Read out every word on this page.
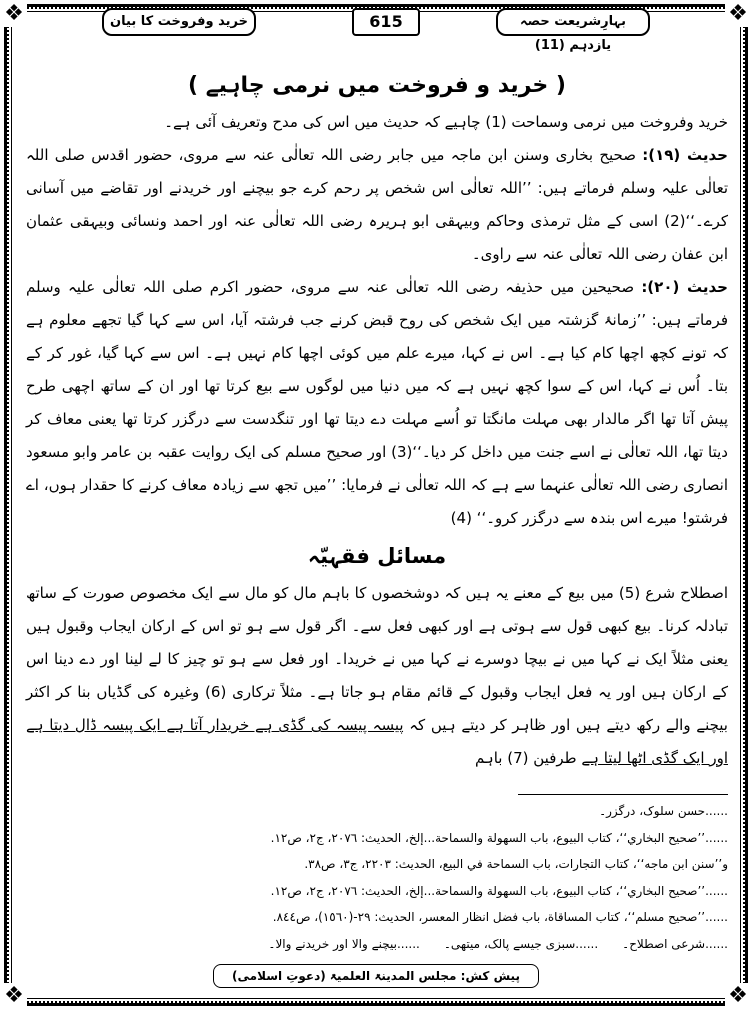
❖	❖
❖	❖
خرید وفروخت کا بیان	615	بہارِشریعت حصہ یازدہم (11)

( خرید و فروخت میں نرمی چاہیے )

خرید وفروخت میں نرمی وسماحت (1) چاہیے کہ حدیث میں اس کی مدح وتعریف آئی ہے۔

حدیث (۱۹): صحیح بخاری وسنن ابن ماجہ میں جابر رضی اللہ تعالٰی عنہ سے مروی، حضور اقدس صلی اللہ تعالٰی علیہ وسلم فرماتے ہیں: ’’اللہ تعالٰی اس شخص پر رحم کرے جو بیچنے اور خریدنے اور تقاضے میں آسانی کرے۔‘‘(2) اسی کے مثل ترمذی وحاکم وبیہقی ابو ہریرہ رضی اللہ تعالٰی عنہ اور احمد ونسائی وبیہقی عثمان ابن عفان رضی اللہ تعالٰی عنہ سے راوی۔

حدیث (۲۰): صحیحین میں حذیفہ رضی اللہ تعالٰی عنہ سے مروی، حضور اکرم صلی اللہ تعالٰی علیہ وسلم فرماتے ہیں: ’’زمانۂ گزشتہ میں ایک شخص کی روح قبض کرنے جب فرشتہ آیا، اس سے کہا گیا تجھے معلوم ہے کہ تونے کچھ اچھا کام کیا ہے۔ اس نے کہا، میرے علم میں کوئی اچھا کام نہیں ہے۔ اس سے کہا گیا، غور کر کے بتا۔ اُس نے کہا، اس کے سوا کچھ نہیں ہے کہ میں دنیا میں لوگوں سے بیع کرتا تھا اور ان کے ساتھ اچھی طرح پیش آتا تھا اگر مالدار بھی مہلت مانگتا تو اُسے مہلت دے دیتا تھا اور تنگدست سے درگزر کرتا تھا یعنی معاف کر دیتا تھا، اللہ تعالٰی نے اسے جنت میں داخل کر دیا۔‘‘(3) اور صحیح مسلم کی ایک روایت عقبہ بن عامر وابو مسعود انصاری رضی اللہ تعالٰی عنہما سے ہے کہ اللہ تعالٰی نے فرمایا: ’’میں تجھ سے زیادہ معاف کرنے کا حقدار ہوں، اے فرشتو! میرے اس بندہ سے درگزر کرو۔‘‘ (4)

مسائل فقہیّہ

اصطلاح شرع (5) میں بیع کے معنے یہ ہیں کہ دوشخصوں کا باہم مال کو مال سے ایک مخصوص صورت کے ساتھ تبادلہ کرنا۔ بیع کبھی قول سے ہوتی ہے اور کبھی فعل سے۔ اگر قول سے ہو تو اس کے ارکان ایجاب وقبول ہیں یعنی مثلاً ایک نے کہا میں نے بیچا دوسرے نے کہا میں نے خریدا۔ اور فعل سے ہو تو چیز کا لے لینا اور دے دینا اس کے ارکان ہیں اور یہ فعل ایجاب وقبول کے قائم مقام ہو جاتا ہے۔ مثلاً ترکاری (6) وغیرہ کی گڈیاں بنا کر اکثر بیچنے والے رکھ دیتے ہیں اور ظاہر کر دیتے ہیں کہ پیسہ پیسہ کی گڈی ہے خریدار آتا ہے ایک پیسہ ڈال دیتا ہے اور ایک گڈی اٹھا لیتا ہے طرفین (7) باہم

......حسن سلوک، درگزر۔
......’’صحيح البخاري‘‘، كتاب البيوع، باب السهولة والسماحة...إلخ، الحديث: ٢٠٧٦، ج٢، ص١٢.
و’’سنن ابن ماجه‘‘، كتاب التجارات، باب السماحة في البيع، الحديث: ٢٢٠٣، ج٣، ص٣٨.
......’’صحيح البخاري‘‘، كتاب البيوع، باب السهولة والسماحة...إلخ، الحديث: ٢٠٧٦، ج٢، ص١٢.
......’’صحيح مسلم‘‘، كتاب المساقاة، باب فضل انظار المعسر، الحديث: ٢٩-(١٥٦٠)، ص٨٤٤.
......شرعی اصطلاح۔
......سبزی جیسے پالک، میتھی۔
......بیچنے والا اور خریدنے والا۔
پیش کش: مجلس المدینۃ العلمیۃ (دعوتِ اسلامی)
